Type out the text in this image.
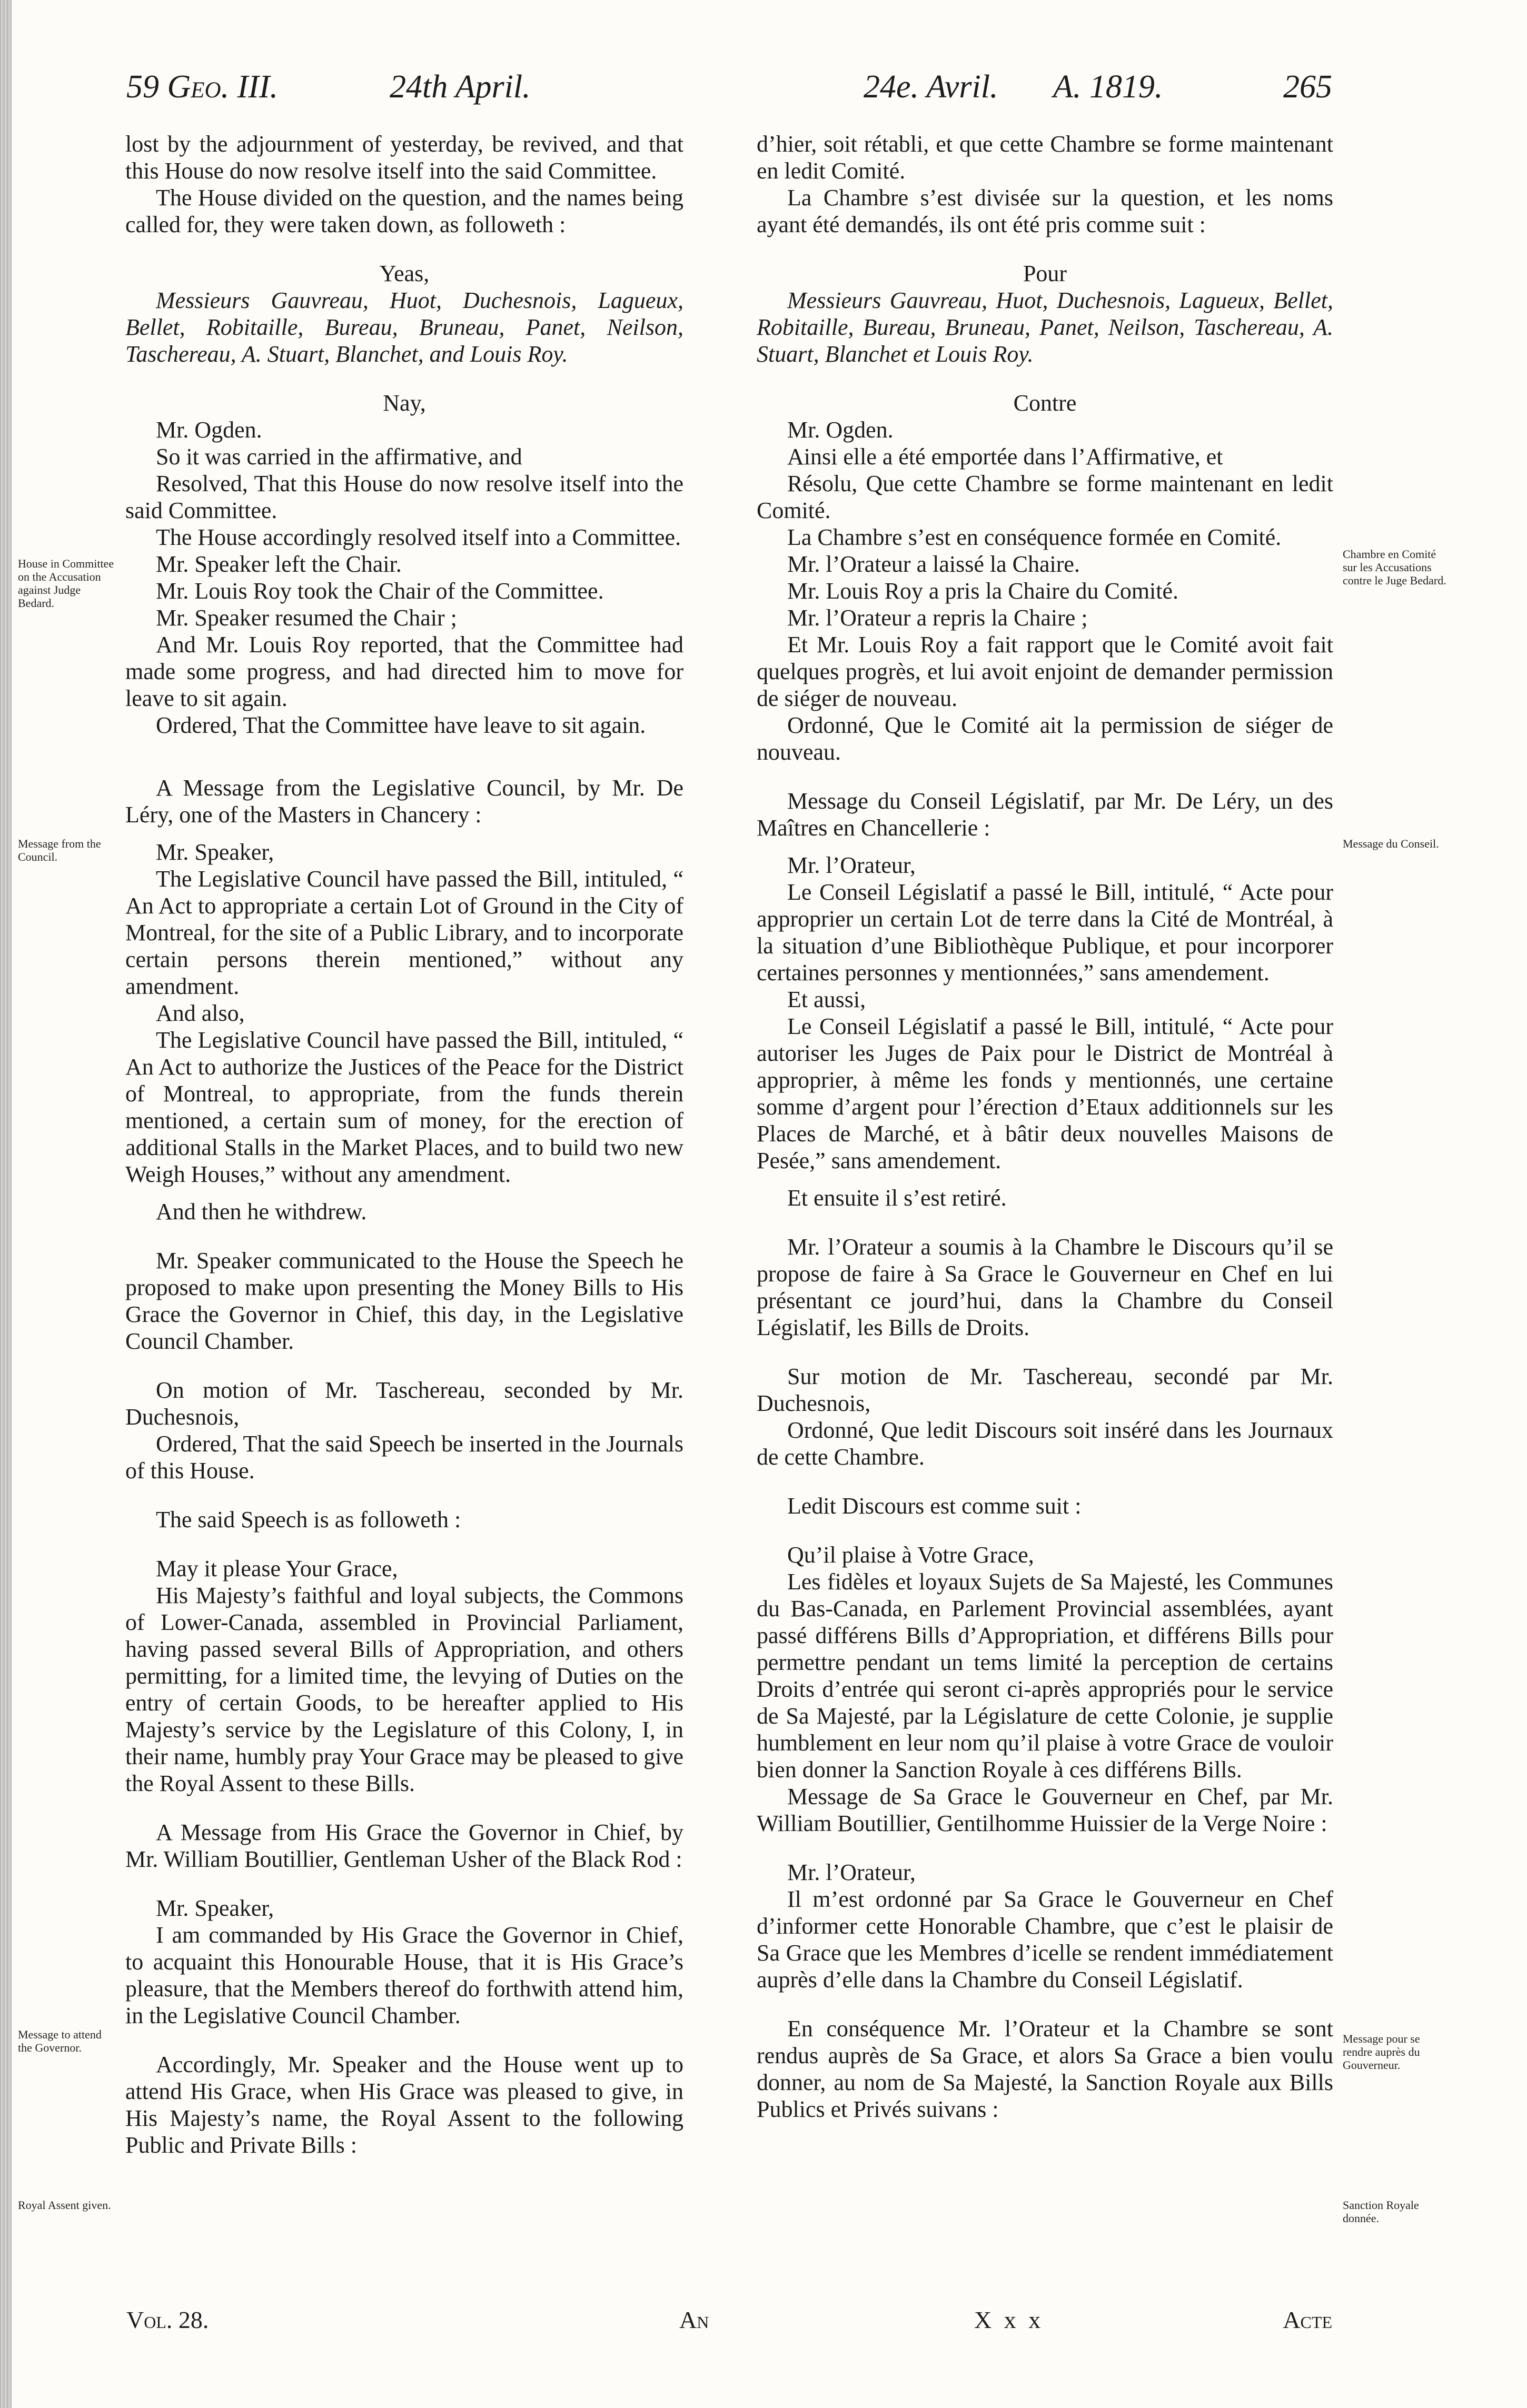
59 Geo. III.	24th April.	24e. Avril. A. 1819.	265

lost by the adjournment of yesterday, be revived, and that this House do now resolve itself into the said Committee.

The House divided on the question, and the names being called for, they were taken down, as followeth :

Yeas,

Messieurs Gauvreau, Huot, Duchesnois, Lagueux, Bellet, Robitaille, Bureau, Bruneau, Panet, Neilson, Taschereau, A. Stuart, Blanchet, and Louis Roy.

Nay,

Mr. Ogden.

So it was carried in the affirmative, and

Resolved, That this House do now resolve itself into the said Committee.

The House accordingly resolved itself into a Committee.

Mr. Speaker left the Chair.

Mr. Louis Roy took the Chair of the Committee.

Mr. Speaker resumed the Chair ;

And Mr. Louis Roy reported, that the Committee had made some progress, and had directed him to move for leave to sit again.

Ordered, That the Committee have leave to sit again.

A Message from the Legislative Council, by Mr. De Léry, one of the Masters in Chancery :

Mr. Speaker,

The Legislative Council have passed the Bill, intituled, “ An Act to appropriate a certain Lot of Ground in the City of Montreal, for the site of a Public Library, and to incorporate certain persons therein mentioned,” without any amendment.

And also,

The Legislative Council have passed the Bill, intituled, “ An Act to authorize the Justices of the Peace for the District of Montreal, to appropriate, from the funds therein mentioned, a certain sum of money, for the erection of additional Stalls in the Market Places, and to build two new Weigh Houses,” without any amendment.

And then he withdrew.

Mr. Speaker communicated to the House the Speech he proposed to make upon presenting the Money Bills to His Grace the Governor in Chief, this day, in the Legislative Council Chamber.

On motion of Mr. Taschereau, seconded by Mr. Duchesnois,

Ordered, That the said Speech be inserted in the Journals of this House.

The said Speech is as followeth :

May it please Your Grace,

His Majesty’s faithful and loyal subjects, the Commons of Lower-Canada, assembled in Provincial Parliament, having passed several Bills of Appropriation, and others permitting, for a limited time, the levying of Duties on the entry of certain Goods, to be hereafter applied to His Majesty’s service by the Legislature of this Colony, I, in their name, humbly pray Your Grace may be pleased to give the Royal Assent to these Bills.

A Message from His Grace the Governor in Chief, by Mr. William Boutillier, Gentleman Usher of the Black Rod :

Mr. Speaker,

I am commanded by His Grace the Governor in Chief, to acquaint this Honourable House, that it is His Grace’s pleasure, that the Members thereof do forthwith attend him, in the Legislative Council Chamber.

Accordingly, Mr. Speaker and the House went up to attend His Grace, when His Grace was pleased to give, in His Majesty’s name, the Royal Assent to the following Public and Private Bills :

d’hier, soit rétabli, et que cette Chambre se forme maintenant en ledit Comité.

La Chambre s’est divisée sur la question, et les noms ayant été demandés, ils ont été pris comme suit :

Pour

Messieurs Gauvreau, Huot, Duchesnois, Lagueux, Bellet, Robitaille, Bureau, Bruneau, Panet, Neilson, Taschereau, A. Stuart, Blanchet et Louis Roy.

Contre

Mr. Ogden.

Ainsi elle a été emportée dans l’Affirmative, et

Résolu, Que cette Chambre se forme maintenant en ledit Comité.

La Chambre s’est en conséquence formée en Comité.

Mr. l’Orateur a laissé la Chaire.

Mr. Louis Roy a pris la Chaire du Comité.

Mr. l’Orateur a repris la Chaire ;

Et Mr. Louis Roy a fait rapport que le Comité avoit fait quelques progrès, et lui avoit enjoint de demander permission de siéger de nouveau.

Ordonné, Que le Comité ait la permission de siéger de nouveau.

Message du Conseil Législatif, par Mr. De Léry, un des Maîtres en Chancellerie :

Mr. l’Orateur,

Le Conseil Législatif a passé le Bill, intitulé, “ Acte pour approprier un certain Lot de terre dans la Cité de Montréal, à la situation d’une Bibliothèque Publique, et pour incorporer certaines personnes y mentionnées,” sans amendement.

Et aussi,

Le Conseil Législatif a passé le Bill, intitulé, “ Acte pour autoriser les Juges de Paix pour le District de Montréal à approprier, à même les fonds y mentionnés, une certaine somme d’argent pour l’érection d’Etaux additionnels sur les Places de Marché, et à bâtir deux nouvelles Maisons de Pesée,” sans amendement.

Et ensuite il s’est retiré.

Mr. l’Orateur a soumis à la Chambre le Discours qu’il se propose de faire à Sa Grace le Gouverneur en Chef en lui présentant ce jourd’hui, dans la Chambre du Conseil Législatif, les Bills de Droits.

Sur motion de Mr. Taschereau, secondé par Mr. Duchesnois,

Ordonné, Que ledit Discours soit inséré dans les Journaux de cette Chambre.

Ledit Discours est comme suit :

Qu’il plaise à Votre Grace,

Les fidèles et loyaux Sujets de Sa Majesté, les Communes du Bas-Canada, en Parlement Provincial assemblées, ayant passé différens Bills d’Appropriation, et différens Bills pour permettre pendant un tems limité la perception de certains Droits d’entrée qui seront ci-après appropriés pour le service de Sa Majesté, par la Législature de cette Colonie, je supplie humblement en leur nom qu’il plaise à votre Grace de vouloir bien donner la Sanction Royale à ces différens Bills.

Message de Sa Grace le Gouverneur en Chef, par Mr. William Boutillier, Gentilhomme Huissier de la Verge Noire :

Mr. l’Orateur,

Il m’est ordonné par Sa Grace le Gouverneur en Chef d’informer cette Honorable Chambre, que c’est le plaisir de Sa Grace que les Membres d’icelle se rendent immédiatement auprès d’elle dans la Chambre du Conseil Législatif.

En conséquence Mr. l’Orateur et la Chambre se sont rendus auprès de Sa Grace, et alors Sa Grace a bien voulu donner, au nom de Sa Majesté, la Sanction Royale aux Bills Publics et Privés suivans :

House in Committee on the Accusation against Judge Bedard.
Message from the Council.
Message to attend the Governor.
Royal Assent given.
Chambre en Comité sur les Accusations contre le Juge Bedard.
Message du Conseil.
Message pour se rendre auprès du Gouverneur.
Sanction Royale donnée.
Vol. 28.	An	X x x	Acte
